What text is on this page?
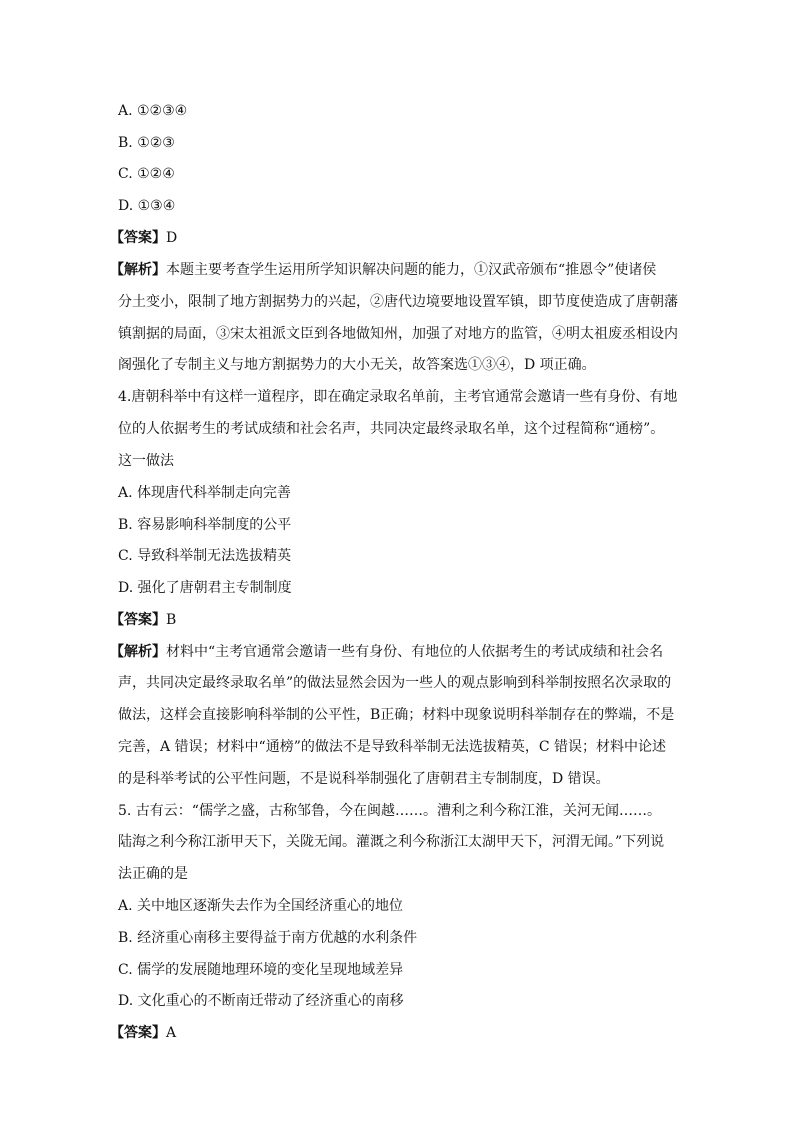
A. ①②③④
B. ①②③
C. ①②④
D. ①③④
【答案】D
【解析】本题主要考查学生运用所学知识解决问题的能力，①汉武帝颁布“推恩令”使诸侯
分土变小，限制了地方割据势力的兴起，②唐代边境要地设置军镇，即节度使造成了唐朝藩
镇割据的局面，③宋太祖派文臣到各地做知州，加强了对地方的监管，④明太祖废丞相设内
阁强化了专制主义与地方割据势力的大小无关，故答案选①③④，D 项正确。
4.唐朝科举中有这样一道程序，即在确定录取名单前，主考官通常会邀请一些有身份、有地
位的人依据考生的考试成绩和社会名声，共同决定最终录取名单，这个过程简称“通榜”。
这一做法
A. 体现唐代科举制走向完善
B. 容易影响科举制度的公平
C. 导致科举制无法选拔精英
D. 强化了唐朝君主专制制度
【答案】B
【解析】材料中“主考官通常会邀请一些有身份、有地位的人依据考生的考试成绩和社会名
声，共同决定最终录取名单”的做法显然会因为一些人的观点影响到科举制按照名次录取的
做法，这样会直接影响科举制的公平性，B正确；材料中现象说明科举制存在的弊端，不是
完善，A 错误；材料中“通榜”的做法不是导致科举制无法选拔精英，C 错误；材料中论述
的是科举考试的公平性问题，不是说科举制强化了唐朝君主专制制度，D 错误。
5. 古有云：“儒学之盛，古称邹鲁，今在闽越……。漕利之利今称江淮，关河无闻……。
陆海之利今称江浙甲天下，关陇无闻。灌溉之利今称浙江太湖甲天下，河渭无闻。”下列说
法正确的是
A. 关中地区逐渐失去作为全国经济重心的地位
B. 经济重心南移主要得益于南方优越的水利条件
C. 儒学的发展随地理环境的变化呈现地域差异
D. 文化重心的不断南迁带动了经济重心的南移
【答案】A
